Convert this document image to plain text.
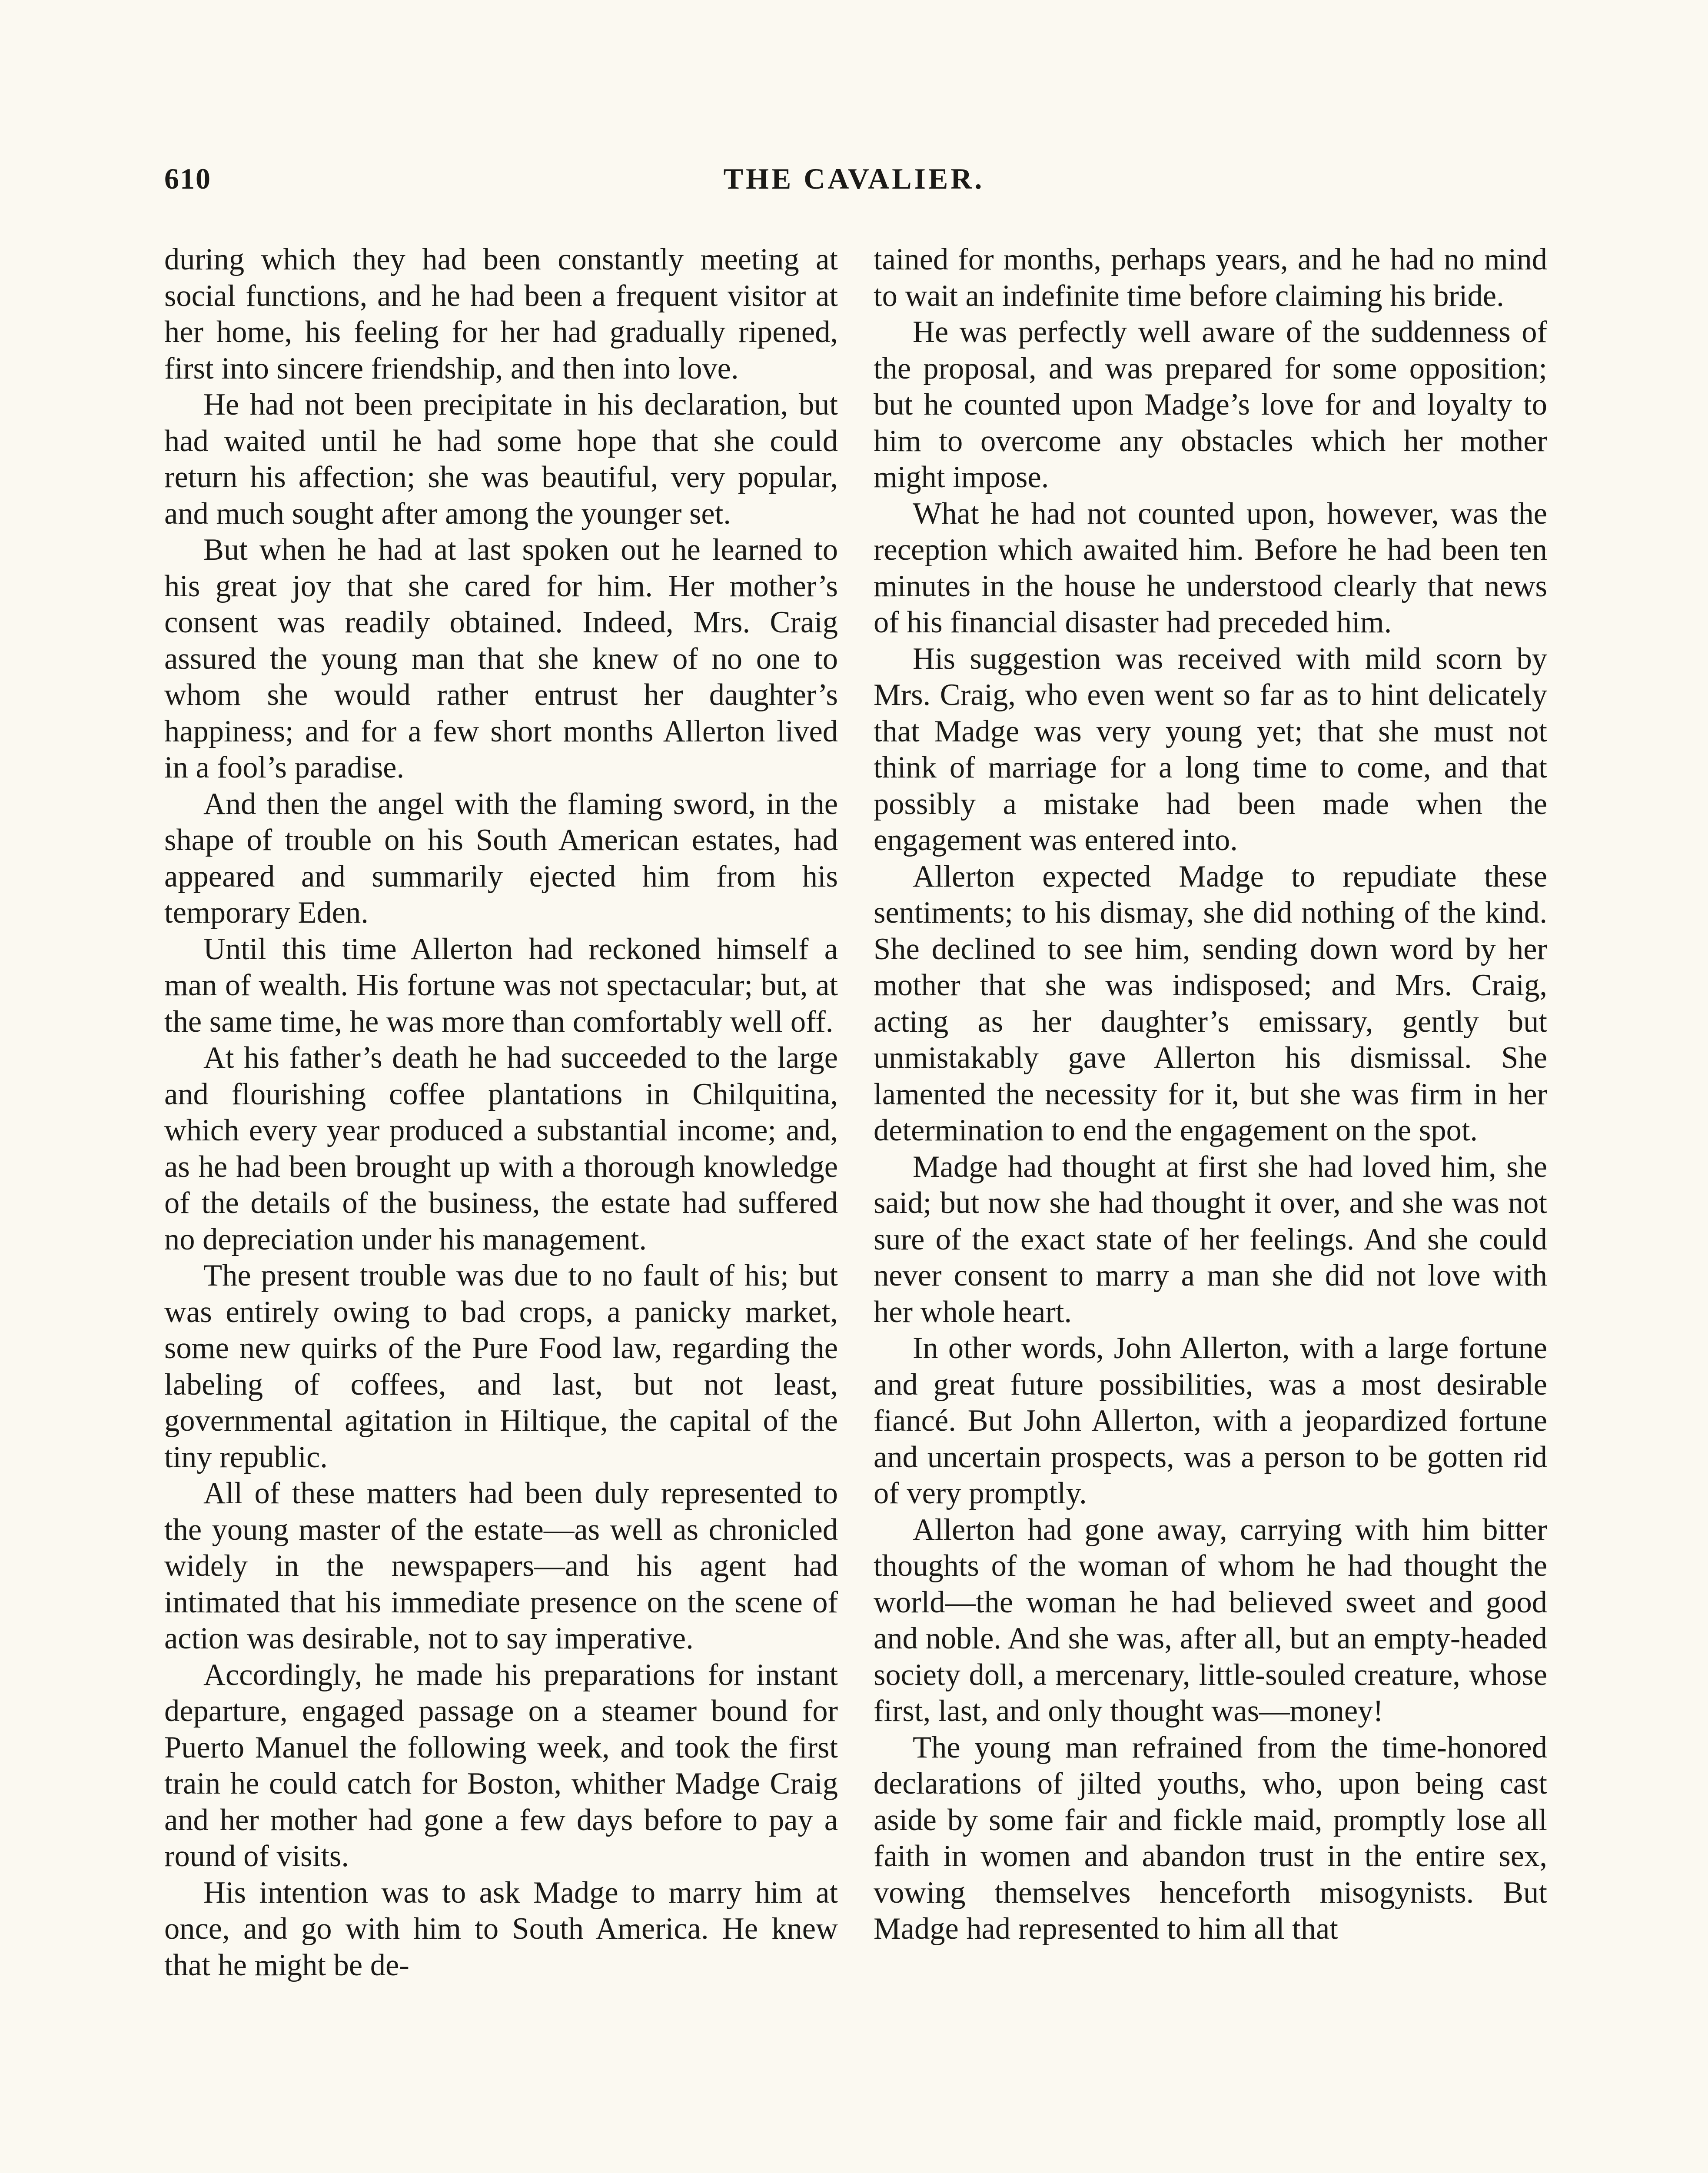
610	THE CAVALIER.

during which they had been constantly meeting at social functions, and he had been a frequent visitor at her home, his feeling for her had gradually ripened, first into sincere friendship, and then into love.

He had not been precipitate in his declaration, but had waited until he had some hope that she could return his affection; she was beautiful, very popular, and much sought after among the younger set.

But when he had at last spoken out he learned to his great joy that she cared for him. Her mother’s consent was readily obtained. Indeed, Mrs. Craig assured the young man that she knew of no one to whom she would rather entrust her daughter’s happiness; and for a few short months Allerton lived in a fool’s paradise.

And then the angel with the flaming sword, in the shape of trouble on his South American estates, had appeared and summarily ejected him from his temporary Eden.

Until this time Allerton had reckoned himself a man of wealth. His fortune was not spectacular; but, at the same time, he was more than comfortably well off.

At his father’s death he had succeeded to the large and flourishing coffee plantations in Chilquitina, which every year produced a substantial income; and, as he had been brought up with a thorough knowledge of the details of the business, the estate had suffered no depreciation under his management.

The present trouble was due to no fault of his; but was entirely owing to bad crops, a panicky market, some new quirks of the Pure Food law, regarding the labeling of coffees, and last, but not least, governmental agitation in Hiltique, the capital of the tiny republic.

All of these matters had been duly represented to the young master of the estate—as well as chronicled widely in the newspapers—and his agent had intimated that his immediate presence on the scene of action was desirable, not to say imperative.

Accordingly, he made his preparations for instant departure, engaged passage on a steamer bound for Puerto Manuel the following week, and took the first train he could catch for Boston, whither Madge Craig and her mother had gone a few days before to pay a round of visits.

His intention was to ask Madge to marry him at once, and go with him to South America. He knew that he might be de-

tained for months, perhaps years, and he had no mind to wait an indefinite time before claiming his bride.

He was perfectly well aware of the suddenness of the proposal, and was prepared for some opposition; but he counted upon Madge’s love for and loyalty to him to overcome any obstacles which her mother might impose.

What he had not counted upon, however, was the reception which awaited him. Before he had been ten minutes in the house he understood clearly that news of his financial disaster had preceded him.

His suggestion was received with mild scorn by Mrs. Craig, who even went so far as to hint delicately that Madge was very young yet; that she must not think of marriage for a long time to come, and that possibly a mistake had been made when the engagement was entered into.

Allerton expected Madge to repudiate these sentiments; to his dismay, she did nothing of the kind. She declined to see him, sending down word by her mother that she was indisposed; and Mrs. Craig, acting as her daughter’s emissary, gently but unmistakably gave Allerton his dismissal. She lamented the necessity for it, but she was firm in her determination to end the engagement on the spot.

Madge had thought at first she had loved him, she said; but now she had thought it over, and she was not sure of the exact state of her feelings. And she could never consent to marry a man she did not love with her whole heart.

In other words, John Allerton, with a large fortune and great future possibilities, was a most desirable fiancé. But John Allerton, with a jeopardized fortune and uncertain prospects, was a person to be gotten rid of very promptly.

Allerton had gone away, carrying with him bitter thoughts of the woman of whom he had thought the world—the woman he had believed sweet and good and noble. And she was, after all, but an empty-headed society doll, a mercenary, little-souled creature, whose first, last, and only thought was—money!

The young man refrained from the time-honored declarations of jilted youths, who, upon being cast aside by some fair and fickle maid, promptly lose all faith in women and abandon trust in the entire sex, vowing themselves henceforth misogynists. But Madge had represented to him all that
